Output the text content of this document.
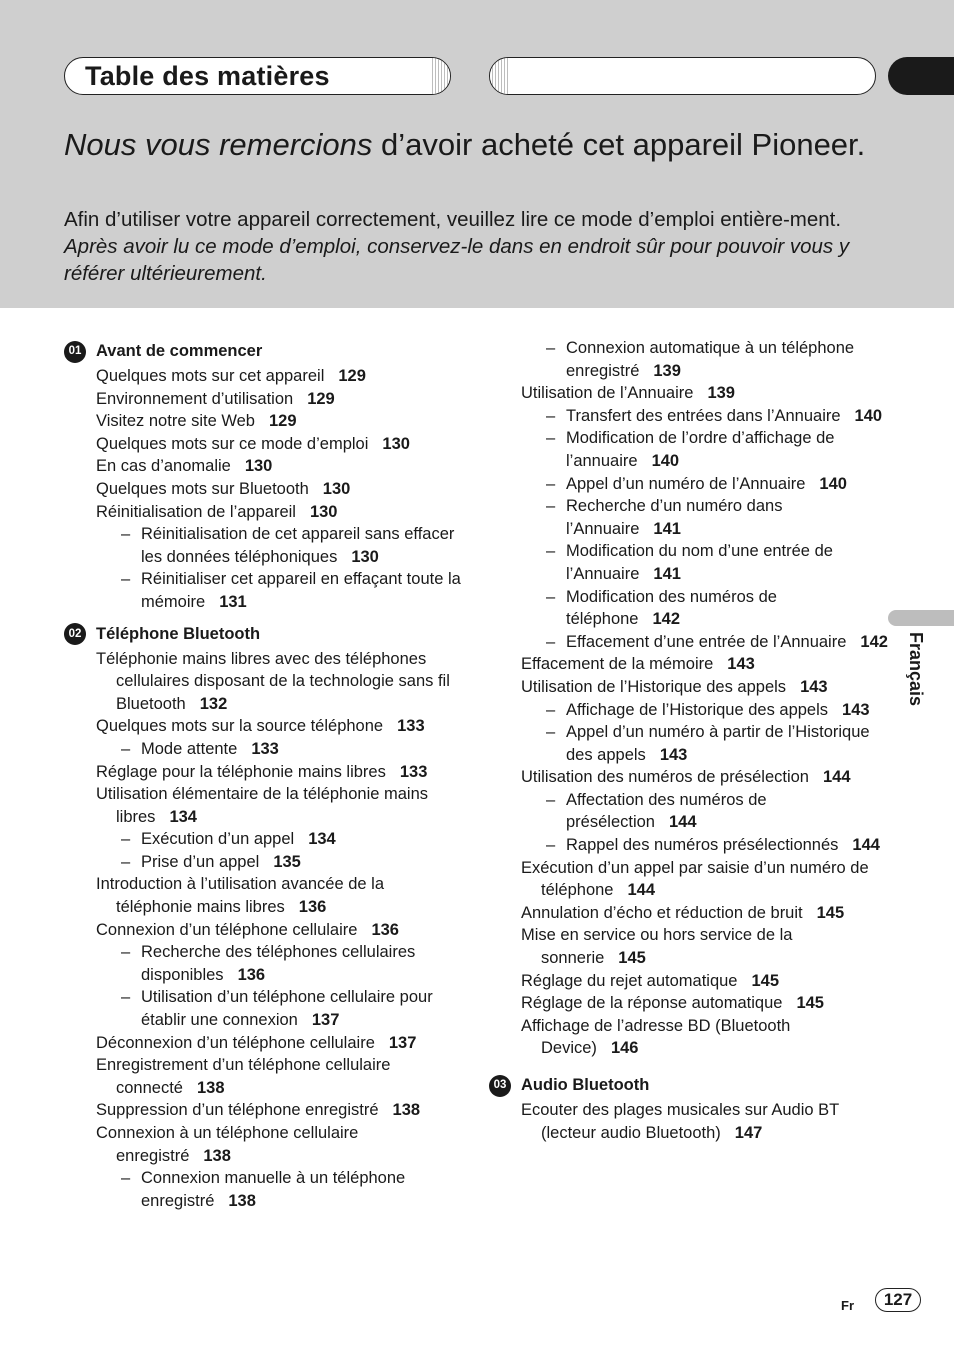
Table des matières
Nous vous remercions d’avoir acheté cet appareil Pioneer.
Afin d’utiliser votre appareil correctement, veuillez lire ce mode d’emploi entière-ment. Après avoir lu ce mode d’emploi, conservez-le dans en endroit sûr pour pouvoir vous y référer ultérieurement.
01 Avant de commencer
Quelques mots sur cet appareil 129
Environnement d’utilisation 129
Visitez notre site Web 129
Quelques mots sur ce mode d’emploi 130
En cas d’anomalie 130
Quelques mots sur Bluetooth 130
Réinitialisation de l’appareil 130
– Réinitialisation de cet appareil sans effacer les données téléphoniques 130
– Réinitialiser cet appareil en effaçant toute la mémoire 131
02 Téléphone Bluetooth
Téléphonie mains libres avec des téléphones cellulaires disposant de la technologie sans fil Bluetooth 132
Quelques mots sur la source téléphone 133
– Mode attente 133
Réglage pour la téléphonie mains libres 133
Utilisation élémentaire de la téléphonie mains libres 134
– Exécution d’un appel 134
– Prise d’un appel 135
Introduction à l’utilisation avancée de la téléphonie mains libres 136
Connexion d’un téléphone cellulaire 136
– Recherche des téléphones cellulaires disponibles 136
– Utilisation d’un téléphone cellulaire pour établir une connexion 137
Déconnexion d’un téléphone cellulaire 137
Enregistrement d’un téléphone cellulaire connecté 138
Suppression d’un téléphone enregistré 138
Connexion à un téléphone cellulaire enregistré 138
– Connexion manuelle à un téléphone enregistré 138
– Connexion automatique à un téléphone enregistré 139
Utilisation de l’Annuaire 139
– Transfert des entrées dans l’Annuaire 140
– Modification de l’ordre d’affichage de l’annuaire 140
– Appel d’un numéro de l’Annuaire 140
– Recherche d’un numéro dans l’Annuaire 141
– Modification du nom d’une entrée de l’Annuaire 141
– Modification des numéros de téléphone 142
– Effacement d’une entrée de l’Annuaire 142
Effacement de la mémoire 143
Utilisation de l’Historique des appels 143
– Affichage de l’Historique des appels 143
– Appel d’un numéro à partir de l’Historique des appels 143
Utilisation des numéros de présélection 144
– Affectation des numéros de présélection 144
– Rappel des numéros présélectionnés 144
Exécution d’un appel par saisie d’un numéro de téléphone 144
Annulation d’écho et réduction de bruit 145
Mise en service ou hors service de la sonnerie 145
Réglage du rejet automatique 145
Réglage de la réponse automatique 145
Affichage de l’adresse BD (Bluetooth Device) 146
03 Audio Bluetooth
Ecouter des plages musicales sur Audio BT (lecteur audio Bluetooth) 147
Français
Fr	127
